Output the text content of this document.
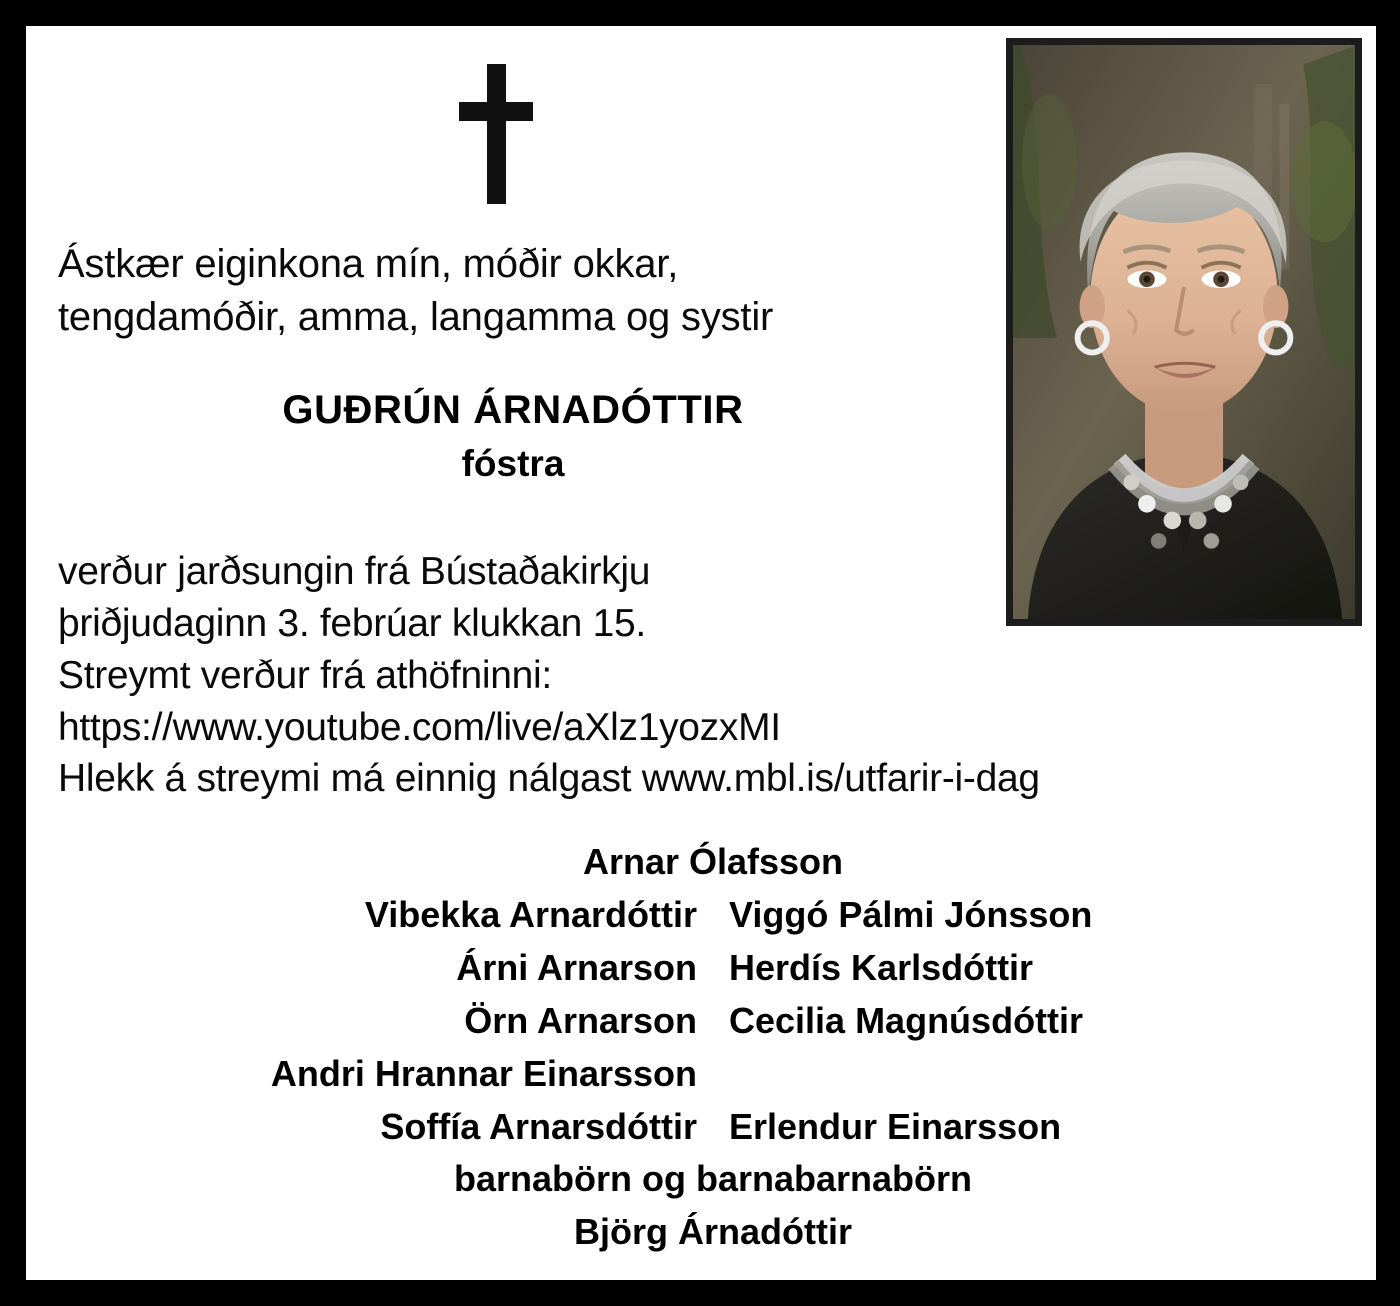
Ástkær eiginkona mín, móðir okkar,
tengdamóðir, amma, langamma og systir
GUÐRÚN ÁRNADÓTTIR
fóstra
verður jarðsungin frá Bústaðakirkju
þriðjudaginn 3. febrúar klukkan 15.
Streymt verður frá athöfninni:
https://www.youtube.com/live/aXlz1yozxMI
Hlekk á streymi má einnig nálgast www.mbl.is/utfarir-i-dag
Arnar Ólafsson
Vibekka Arnardóttir Viggó Pálmi Jónsson
Árni Arnarson Herdís Karlsdóttir
Örn Arnarson Cecilia Magnúsdóttir
Andri Hrannar Einarsson
Soffía Arnarsdóttir Erlendur Einarsson
barnabörn og barnabarnabörn
Björg Árnadóttir
